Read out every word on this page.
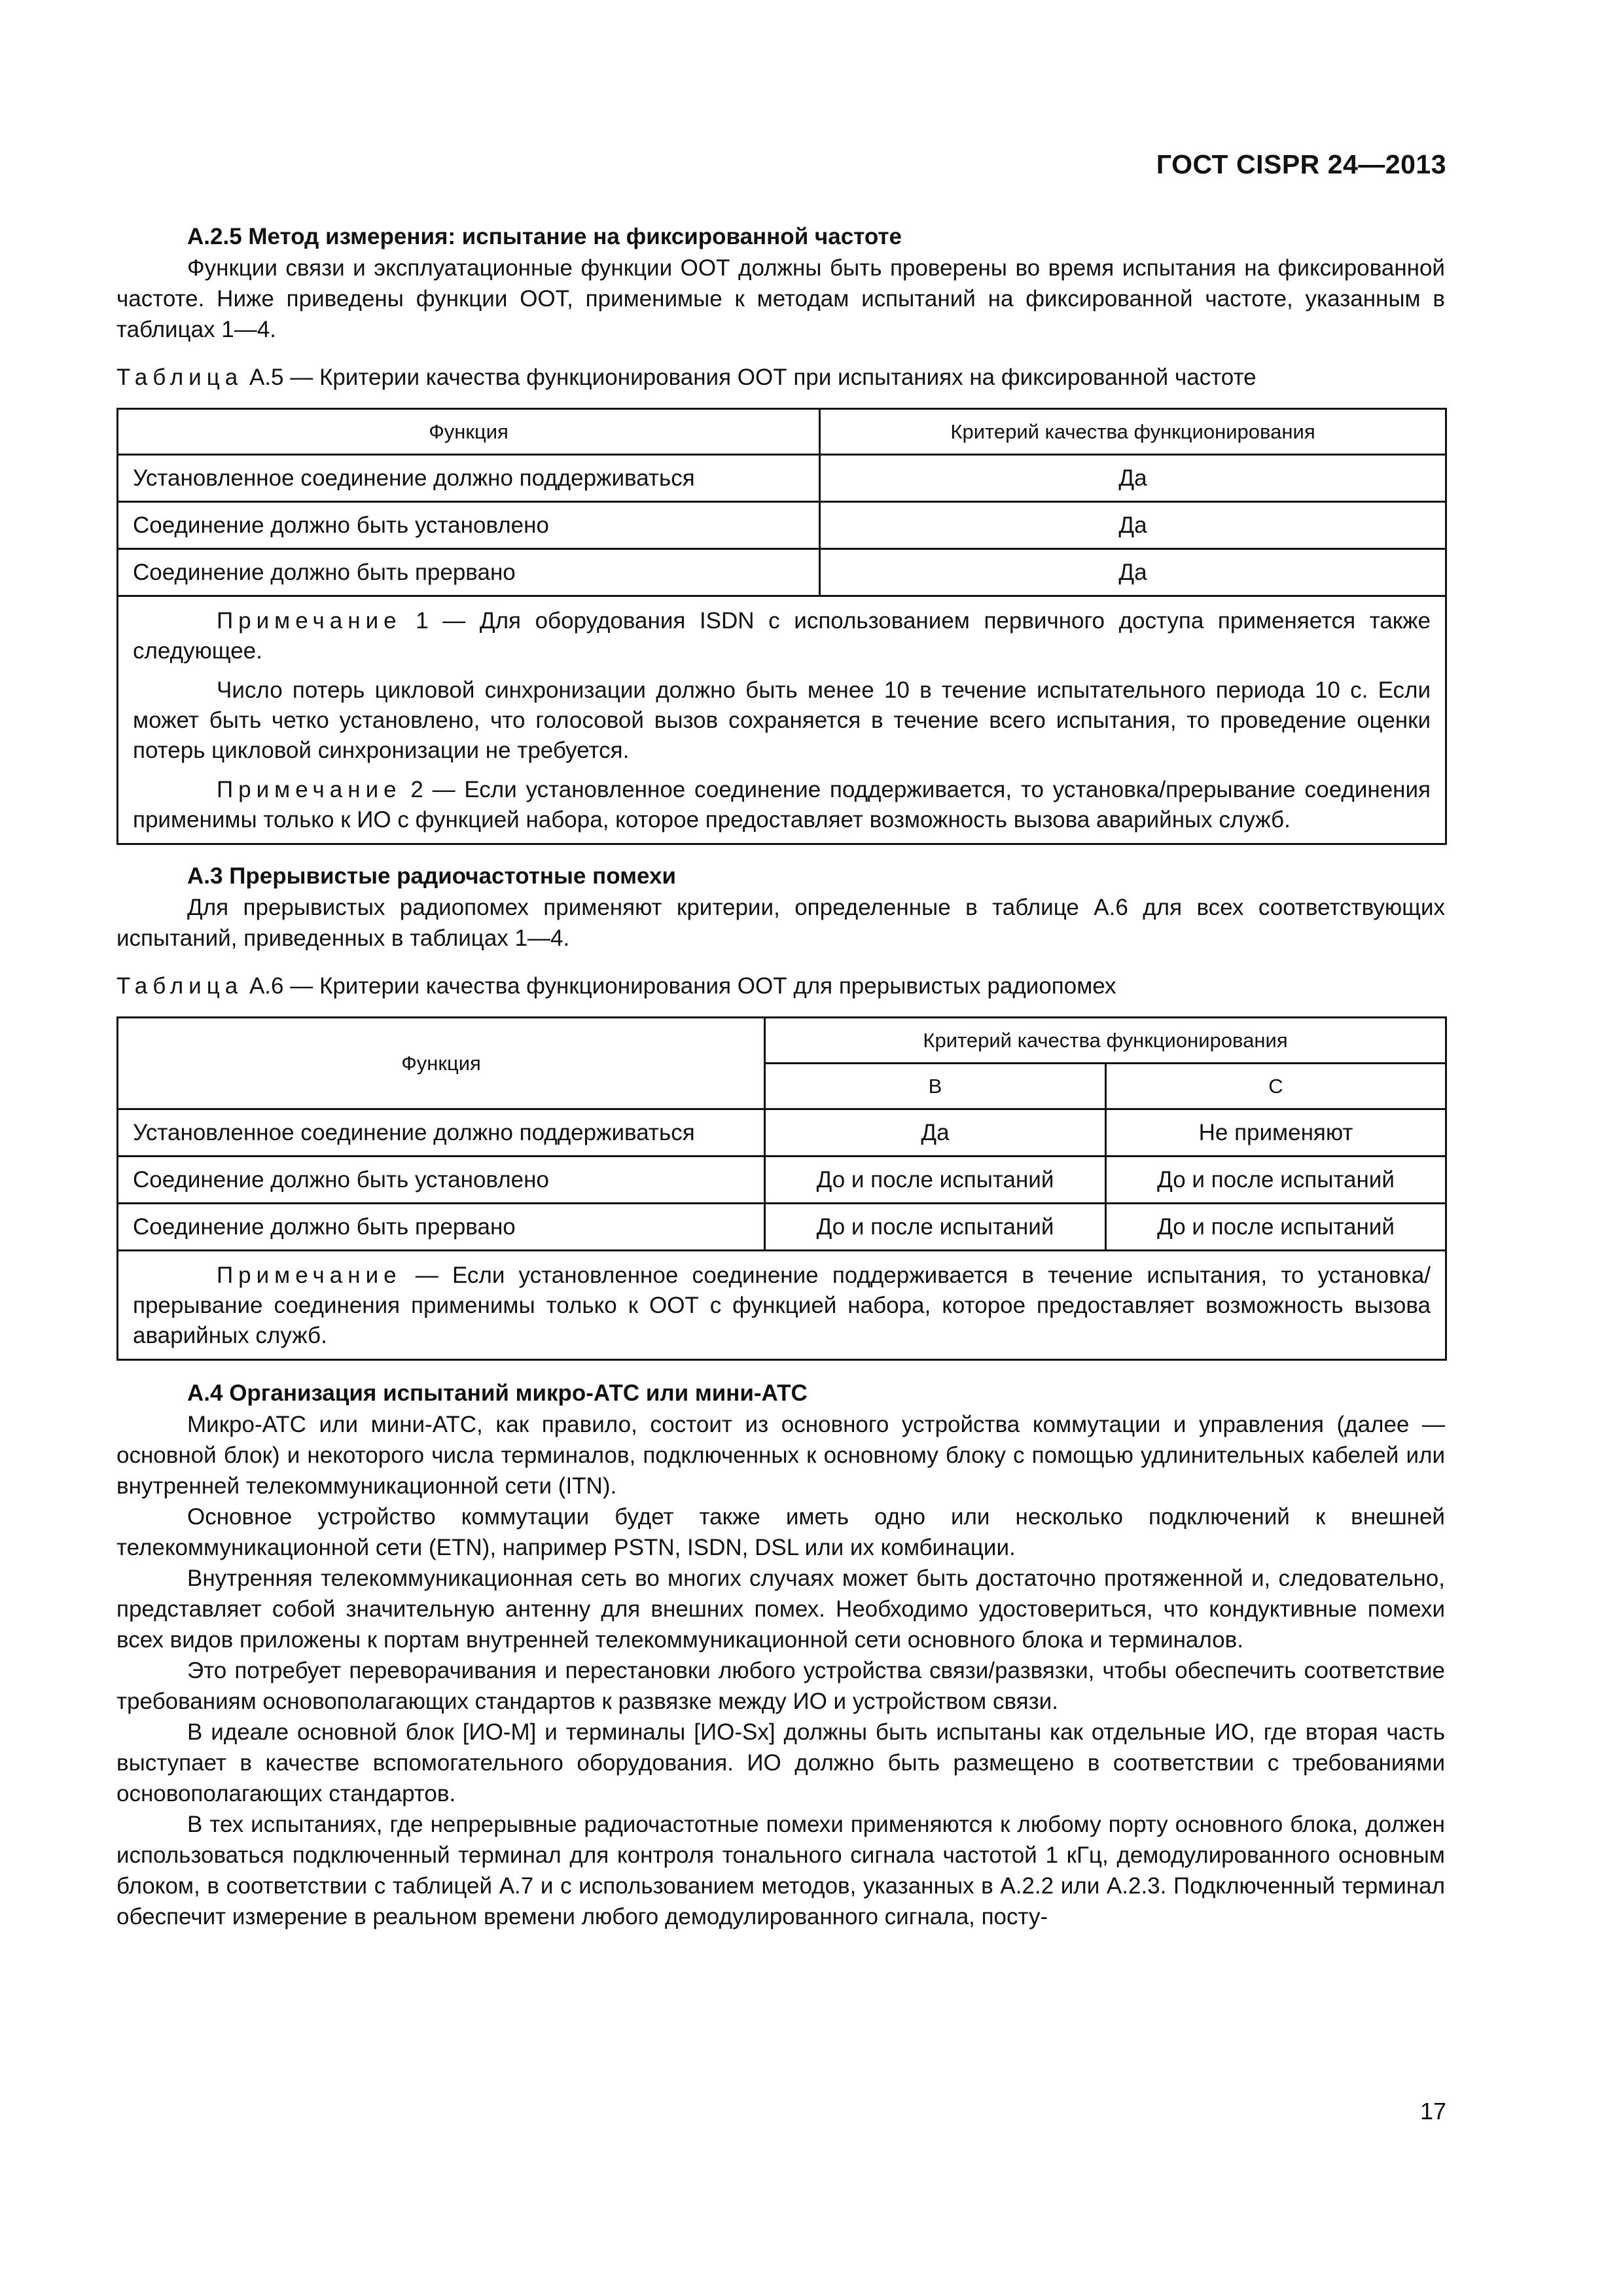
ГОСТ CISPR 24—2013
А.2.5 Метод измерения: испытание на фиксированной частоте

Функции связи и эксплуатационные функции ООТ должны быть проверены во время испытания на фиксированной частоте. Ниже приведены функции ООТ, применимые к методам испытаний на фиксированной частоте, указанным в таблицах 1—4.

Таблица А.5 — Критерии качества функционирования ООТ при испытаниях на фиксированной частоте
Функция	Критерий качества функционирования
Установленное соединение должно поддерживаться	Да
Соединение должно быть установлено	Да
Соединение должно быть прервано	Да

Примечание 1 — Для оборудования ISDN с использованием первичного доступа применяется также следующее.

Число потерь цикловой синхронизации должно быть менее 10 в течение испытательного периода 10 с. Если может быть четко установлено, что голосовой вызов сохраняется в течение всего испытания, то проведение оценки потерь цикловой синхронизации не требуется.

Примечание 2 — Если установленное соединение поддерживается, то установка/прерывание соединения применимы только к ИО с функцией набора, которое предоставляет возможность вызова аварийных служб.	

А.3 Прерывистые радиочастотные помехи

Для прерывистых радиопомех применяют критерии, определенные в таблице А.6 для всех соответствующих испытаний, приведенных в таблицах 1—4.

Таблица А.6 — Критерии качества функционирования ООТ для прерывистых радиопомех
Функция	Критерий качества функционирования	
	В	С
Установленное соединение должно поддерживаться	Да	Не применяют
Соединение должно быть установлено	До и после испытаний	До и после испытаний
Соединение должно быть прервано	До и после испытаний	До и после испытаний

Примечание — Если установленное соединение поддерживается в течение испытания, то установка/прерывание соединения применимы только к ООТ с функцией набора, которое предоставляет возможность вызова аварийных служб.		

А.4 Организация испытаний микро-АТС или мини-АТС

Микро-АТС или мини-АТС, как правило, состоит из основного устройства коммутации и управления (далее — основной блок) и некоторого числа терминалов, подключенных к основному блоку с помощью удлинительных кабелей или внутренней телекоммуникационной сети (ITN).

Основное устройство коммутации будет также иметь одно или несколько подключений к внешней телекоммуникационной сети (ETN), например PSTN, ISDN, DSL или их комбинации.

Внутренняя телекоммуникационная сеть во многих случаях может быть достаточно протяженной и, следовательно, представляет собой значительную антенну для внешних помех. Необходимо удостовериться, что кондуктивные помехи всех видов приложены к портам внутренней телекоммуникационной сети основного блока и терминалов.

Это потребует переворачивания и перестановки любого устройства связи/развязки, чтобы обеспечить соответствие требованиям основополагающих стандартов к развязке между ИО и устройством связи.

В идеале основной блок [ИО-М] и терминалы [ИО-Sx] должны быть испытаны как отдельные ИО, где вторая часть выступает в качестве вспомогательного оборудования. ИО должно быть размещено в соответствии с требованиями основополагающих стандартов.

В тех испытаниях, где непрерывные радиочастотные помехи применяются к любому порту основного блока, должен использоваться подключенный терминал для контроля тонального сигнала частотой 1 кГц, демодулированного основным блоком, в соответствии с таблицей А.7 и с использованием методов, указанных в А.2.2 или А.2.3. Подключенный терминал обеспечит измерение в реальном времени любого демодулированного сигнала, посту-

17
